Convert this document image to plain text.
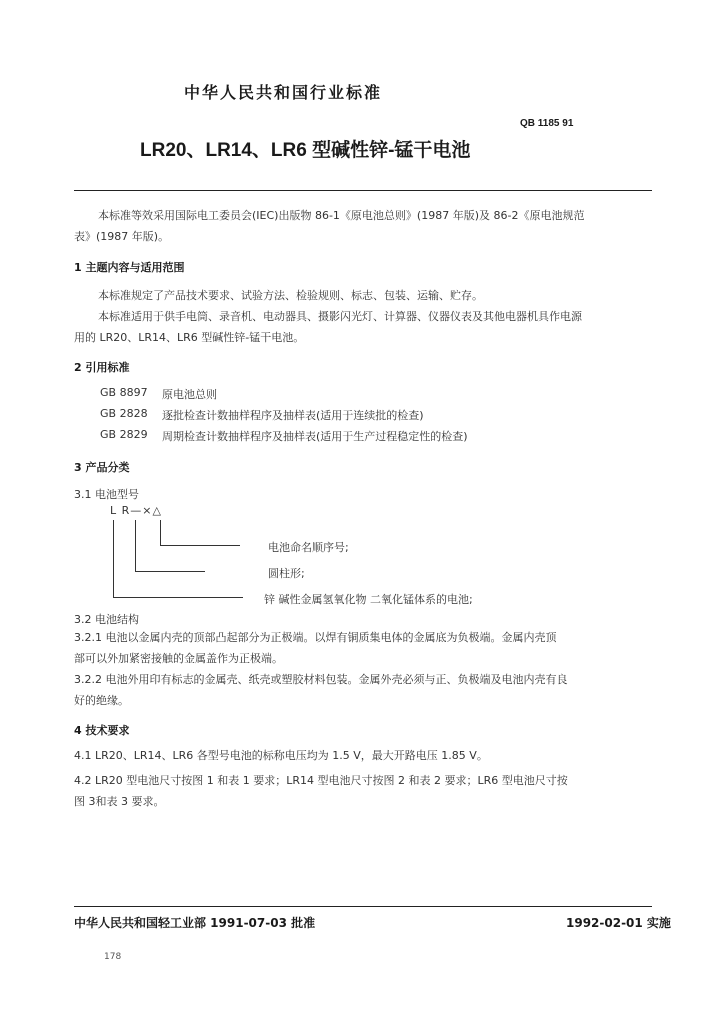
中华人民共和国行业标准
QB 1185 91
LR20、LR14、LR6 型碱性锌-锰干电池
本标准等效采用国际电工委员会(IEC)出版物 86-1《原电池总则》(1987 年版)及 86-2《原电池规范
表》(1987 年版)。
1 主题内容与适用范围
本标准规定了产品技术要求、试验方法、检验规则、标志、包装、运输、贮存。
本标准适用于供手电筒、录音机、电动器具、摄影闪光灯、计算器、仪器仪表及其他电器机具作电源
用的 LR20、LR14、LR6 型碱性锌-锰干电池。
2 引用标准
GB 8897 原电池总则
GB 2828 逐批检查计数抽样程序及抽样表(适用于连续批的检查)
GB 2829 周期检查计数抽样程序及抽样表(适用于生产过程稳定性的检查)
3 产品分类
3.1 电池型号
L R—×△
电池命名顺序号;
圆柱形;
锌 碱性金属氢氧化物 二氧化锰体系的电池;
3.2 电池结构
3.2.1 电池以金属内壳的顶部凸起部分为正极端。以焊有铜质集电体的金属底为负极端。金属内壳顶
部可以外加紧密接触的金属盖作为正极端。
3.2.2 电池外用印有标志的金属壳、纸壳或塑胶材料包装。金属外壳必须与正、负极端及电池内壳有良
好的绝缘。
4 技术要求
4.1 LR20、LR14、LR6 各型号电池的标称电压均为 1.5 V，最大开路电压 1.85 V。
4.2 LR20 型电池尺寸按图 1 和表 1 要求；LR14 型电池尺寸按图 2 和表 2 要求；LR6 型电池尺寸按
图 3和表 3 要求。
中华人民共和国轻工业部 1991-07-03 批准	1992-02-01 实施
178
